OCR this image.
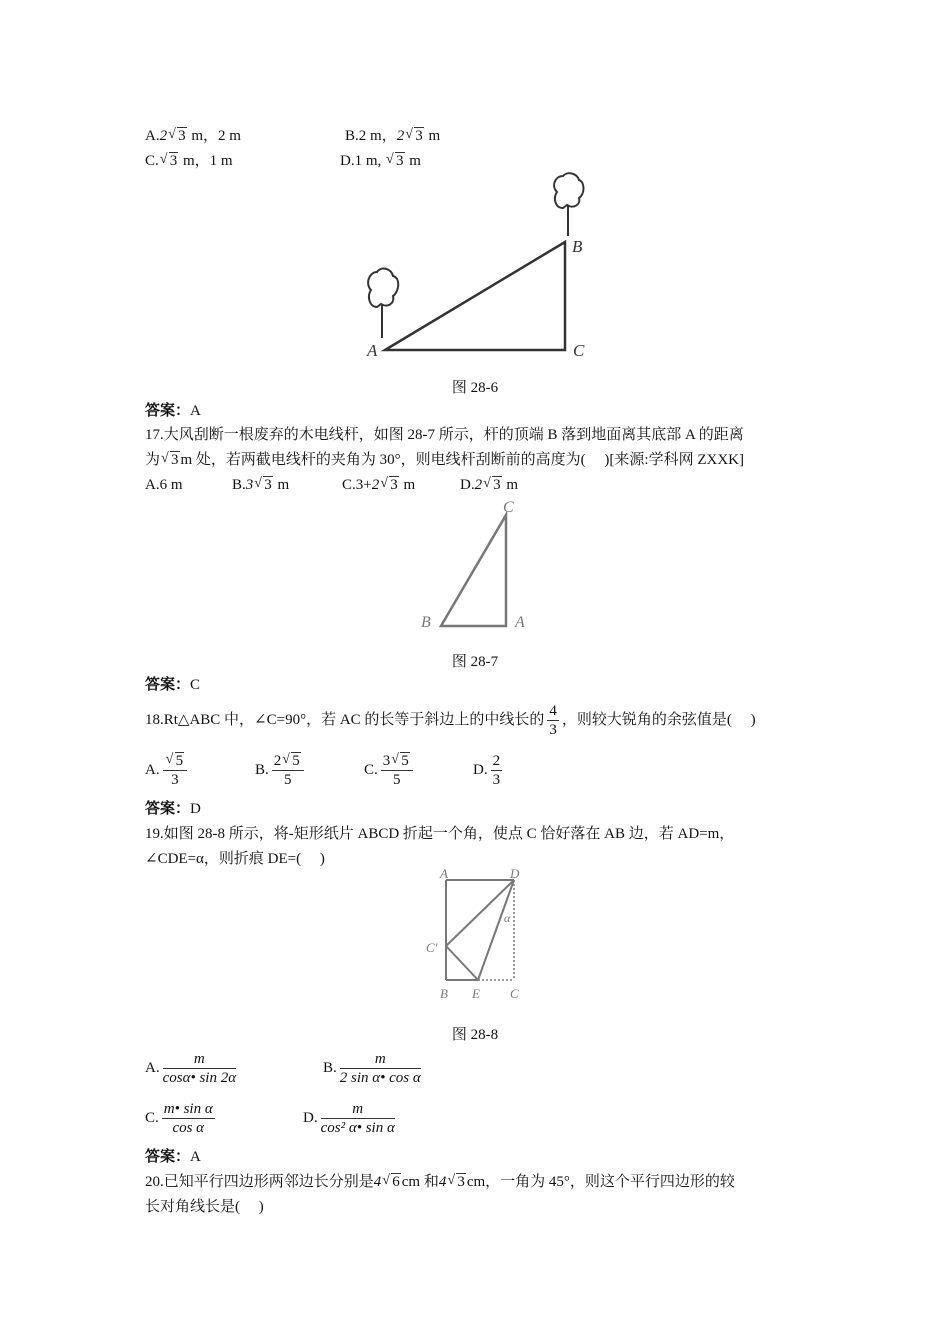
A.2 √ 3 m，2 m	B.2 m，2 √ 3 m
C. √ 3 m，1 m	D.1 m, √ 3 m
A
B
C
图 28-6
答案：A
17.大风刮断一根废弃的木电线杆，如图 28-7 所示，杆的顶端 B 落到地面离其底部 A 的距离
为 √ 3 m 处，若两截电线杆的夹角为 30°，则电线杆刮断前的高度为(　 )[来源:学科网 ZXXK]
A.6 m	B.3 √ 3 m	C.3+2 √ 3 m	D.2 √ 3 m
C
B	A
图 28-7
答案：C
18.Rt△ABC 中，∠C=90°，若 AC 的长等于斜边上的中线长的 $\frac{4}{3}$ ，则较大锐角的余弦值是(　 )
A. √ $\frac{5}{3}$	B. $\frac{2 √ 5}{5}$	C. $\frac{3 √ 5}{5}$	D. $\frac{2}{3}$
答案：D
19.如图 28-8 所示，将-矩形纸片 ABCD 折起一个角，使点 C 恰好落在 AB 边，若 AD=m，
∠CDE=α，则折痕 DE=(　 )
A	D
α
C′
B E C
图 28-8
A. $\frac{m}{\cos\alpha• \sin 2\alpha}$	B. $\frac{m}{\text{2 sin α• cos α}}$
C. $\frac{\text{m• sin α}}{\text{cos α}}$	D. $\frac{m}{\text{cos² α• sin α}}$
答案：A
20.已知平行四边形两邻边长分别是4 √ 6 cm 和4 √ 3 cm，一角为 45°，则这个平行四边形的较
长对角线长是(　 )
